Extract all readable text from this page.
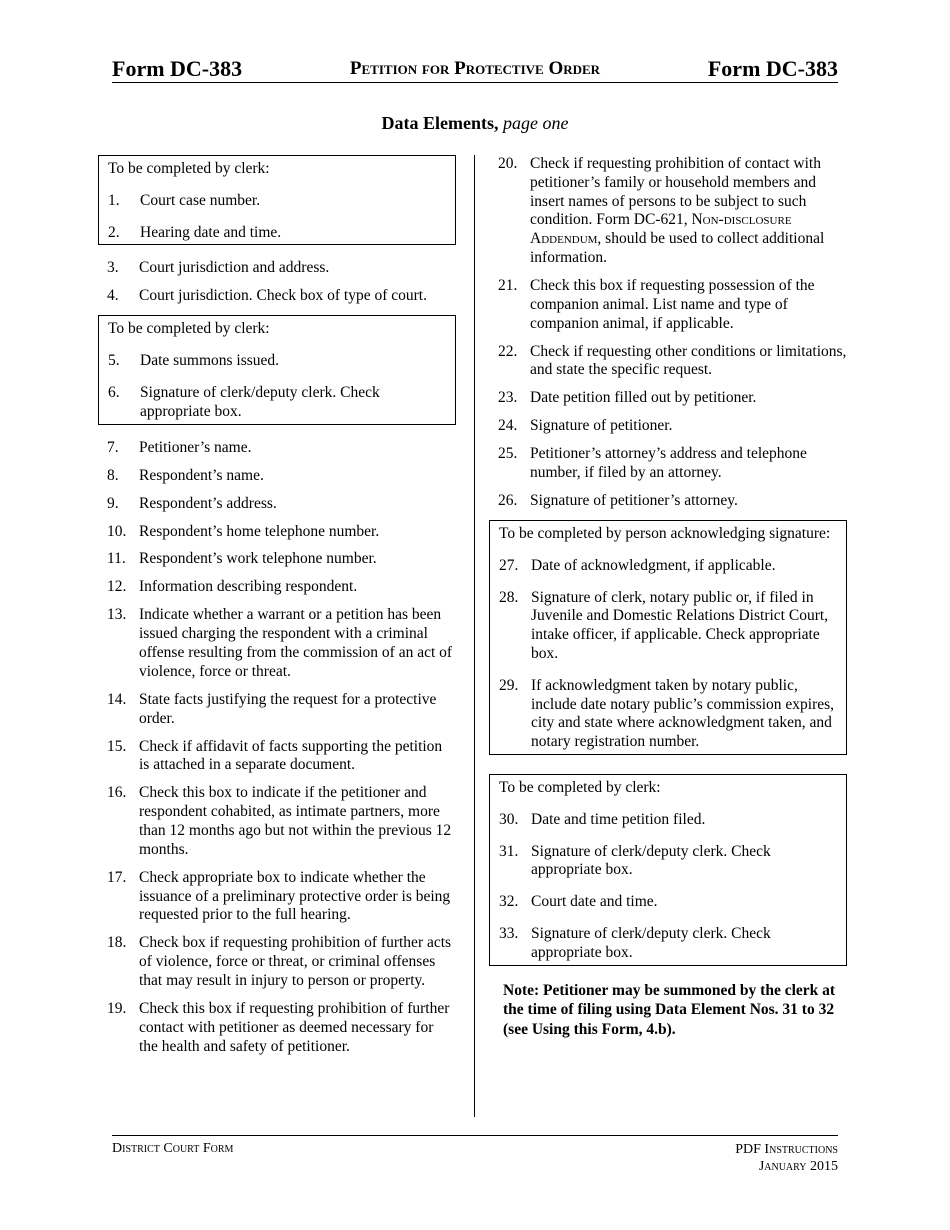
Form DC-383	Petition for Protective Order	Form DC-383
Data Elements, page one
To be completed by clerk:
1.	Court case number.
2.	Hearing date and time.
3.	Court jurisdiction and address.
4.	Court jurisdiction. Check box of type of court.
To be completed by clerk:
5.	Date summons issued.
6.	Signature of clerk/deputy clerk. Check appropriate box.
7.	Petitioner’s name.
8.	Respondent’s name.
9.	Respondent’s address.
10. Respondent’s home telephone number.
11. Respondent’s work telephone number.
12. Information describing respondent.
13. Indicate whether a warrant or a petition has been issued charging the respondent with a criminal offense resulting from the commission of an act of violence, force or threat.
14. State facts justifying the request for a protective order.
15. Check if affidavit of facts supporting the petition is attached in a separate document.
16. Check this box to indicate if the petitioner and respondent cohabited, as intimate partners, more than 12 months ago but not within the previous 12 months.
17. Check appropriate box to indicate whether the issuance of a preliminary protective order is being requested prior to the full hearing.
18. Check box if requesting prohibition of further acts of violence, force or threat, or criminal offenses that may result in injury to person or property.
19. Check this box if requesting prohibition of further contact with petitioner as deemed necessary for the health and safety of petitioner.
20. Check if requesting prohibition of contact with petitioner’s family or household members and insert names of persons to be subject to such condition. Form DC-621, Non-disclosure Addendum, should be used to collect additional information.
21. Check this box if requesting possession of the companion animal. List name and type of companion animal, if applicable.
22. Check if requesting other conditions or limitations, and state the specific request.
23. Date petition filled out by petitioner.
24. Signature of petitioner.
25. Petitioner’s attorney’s address and telephone number, if filed by an attorney.
26. Signature of petitioner’s attorney.
To be completed by person acknowledging signature:
27. Date of acknowledgment, if applicable.
28. Signature of clerk, notary public or, if filed in Juvenile and Domestic Relations District Court, intake officer, if applicable. Check appropriate box.
29. If acknowledgment taken by notary public, include date notary public’s commission expires, city and state where acknowledgment taken, and notary registration number.
To be completed by clerk:
30. Date and time petition filed.
31. Signature of clerk/deputy clerk. Check appropriate box.
32. Court date and time.
33. Signature of clerk/deputy clerk. Check appropriate box.
Note: Petitioner may be summoned by the clerk at the time of filing using Data Element Nos. 31 to 32 (see Using this Form, 4.b).
District Court Form	PDF Instructions
January 2015
